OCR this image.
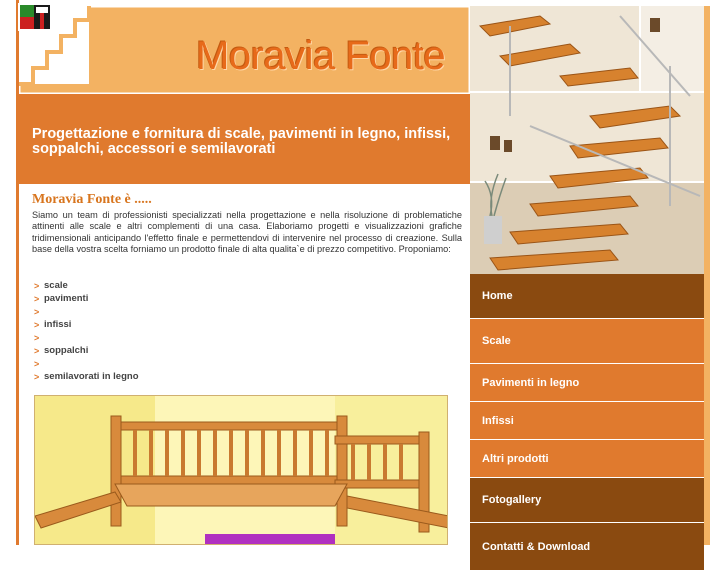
Moravia Fonte
Progettazione e fornitura di scale, pavimenti in legno, infissi, soppalchi, accessori e semilavorati
Home
Scale
Pavimenti in legno
Infissi
Altri prodotti
Fotogallery
Contatti & Download
Moravia Fonte è .....
Siamo un team di professionisti specializzati nella progettazione e nella risoluzione di problematiche attinenti alle scale e altri complementi di una casa. Elaboriamo progetti e visualizzazioni grafiche tridimensionali anticipando l'effetto finale e permettendovi di intervenire nel processo di creazione. Sulla base della vostra scelta forniamo un prodotto finale di alta qualita`e di prezzo competitivo. Proponiamo:
> scale
> pavimenti
>
> infissi
>
> soppalchi
>
> semilavorati in legno
